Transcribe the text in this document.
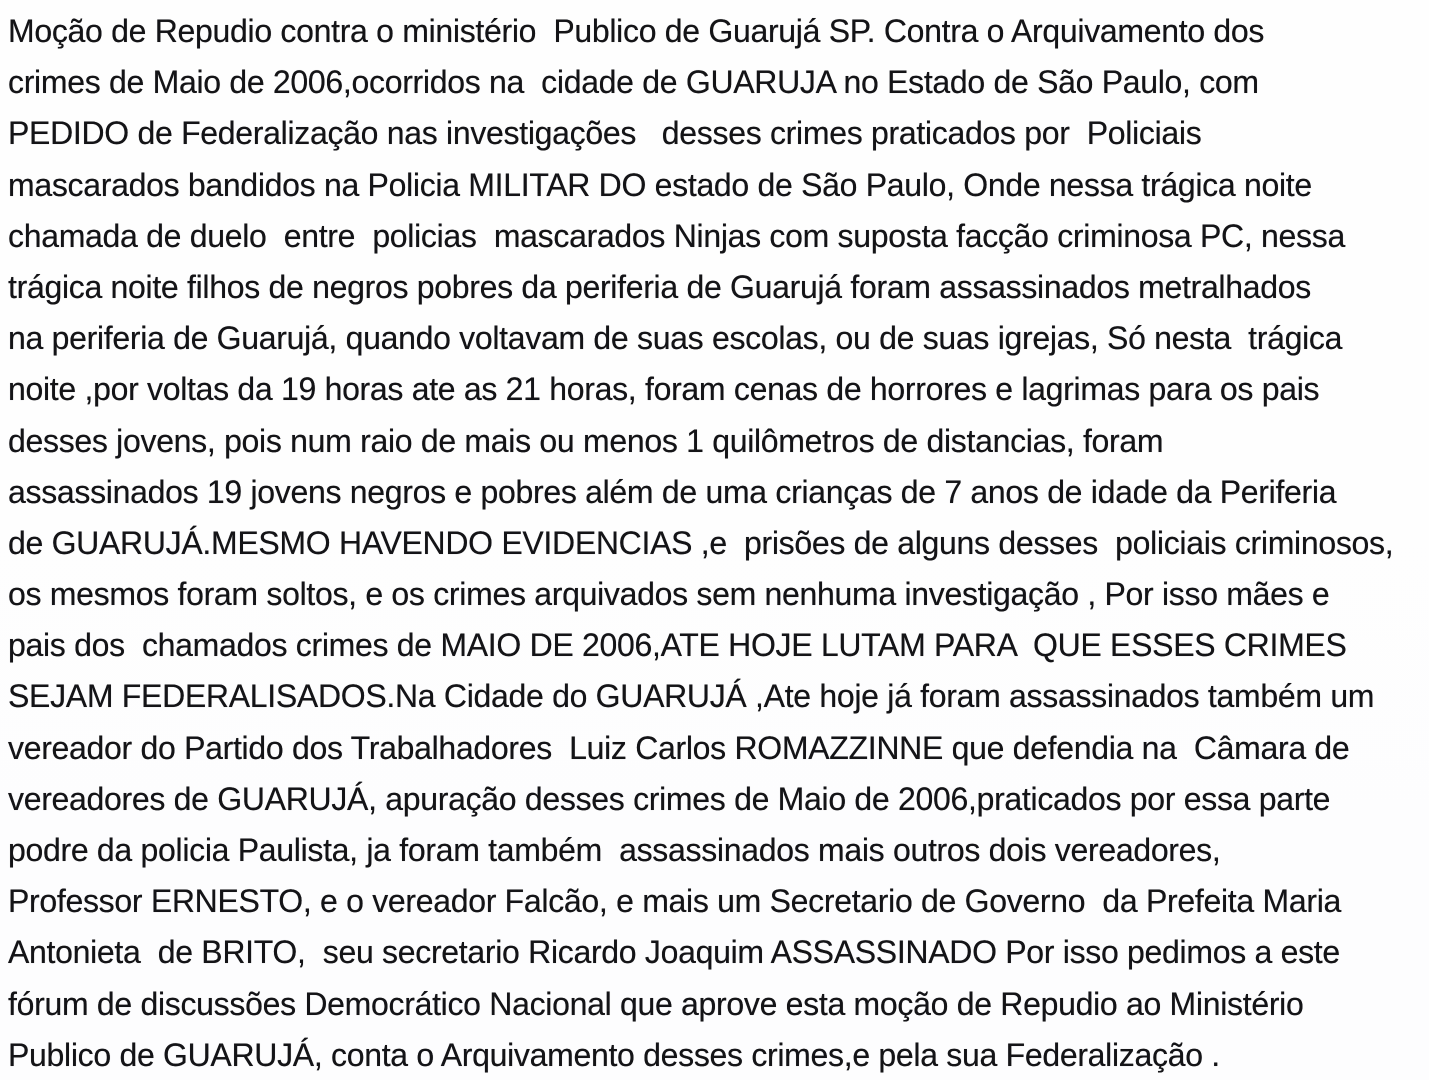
Moção de Repudio contra o ministério  Publico de Guarujá SP. Contra o Arquivamento dos
crimes de Maio de 2006,ocorridos na  cidade de GUARUJA no Estado de São Paulo, com
PEDIDO de Federalização nas investigações   desses crimes praticados por  Policiais
mascarados bandidos na Policia MILITAR DO estado de São Paulo, Onde nessa trágica noite
chamada de duelo  entre  policias  mascarados Ninjas com suposta facção criminosa PC, nessa
trágica noite filhos de negros pobres da periferia de Guarujá foram assassinados metralhados
na periferia de Guarujá, quando voltavam de suas escolas, ou de suas igrejas, Só nesta  trágica
noite ,por voltas da 19 horas ate as 21 horas, foram cenas de horrores e lagrimas para os pais
desses jovens, pois num raio de mais ou menos 1 quilômetros de distancias, foram
assassinados 19 jovens negros e pobres além de uma crianças de 7 anos de idade da Periferia
de GUARUJÁ.MESMO HAVENDO EVIDENCIAS ,e  prisões de alguns desses  policiais criminosos,
os mesmos foram soltos, e os crimes arquivados sem nenhuma investigação , Por isso mães e
pais dos  chamados crimes de MAIO DE 2006,ATE HOJE LUTAM PARA  QUE ESSES CRIMES
SEJAM FEDERALISADOS.Na Cidade do GUARUJÁ ,Ate hoje já foram assassinados também um
vereador do Partido dos Trabalhadores  Luiz Carlos ROMAZZINNE que defendia na  Câmara de
vereadores de GUARUJÁ, apuração desses crimes de Maio de 2006,praticados por essa parte
podre da policia Paulista, ja foram também  assassinados mais outros dois vereadores,
Professor ERNESTO, e o vereador Falcão, e mais um Secretario de Governo  da Prefeita Maria
Antonieta  de BRITO,  seu secretario Ricardo Joaquim ASSASSINADO Por isso pedimos a este
fórum de discussões Democrático Nacional que aprove esta moção de Repudio ao Ministério
Publico de GUARUJÁ, conta o Arquivamento desses crimes,e pela sua Federalização .
